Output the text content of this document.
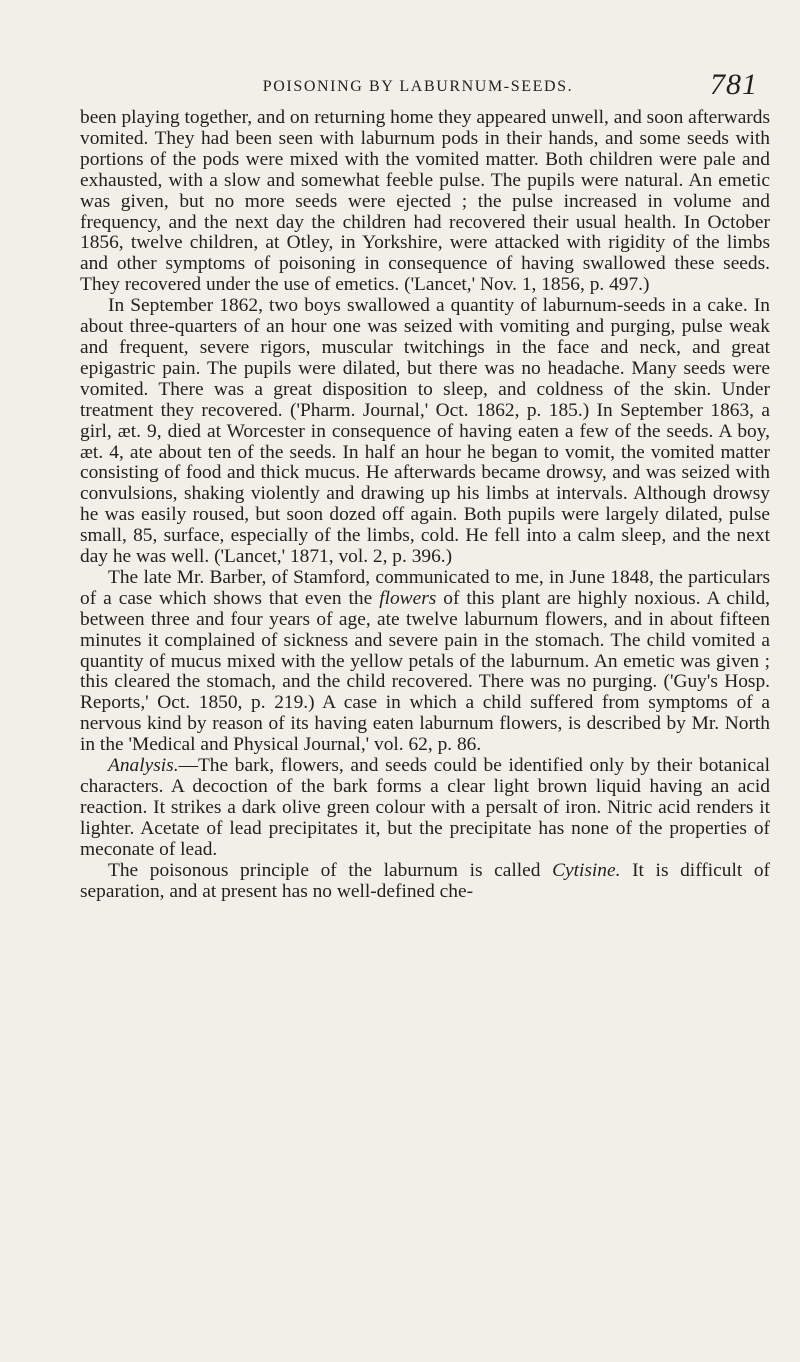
POISONING BY LABURNUM-SEEDS.	781

been playing together, and on returning home they appeared unwell, and soon afterwards vomited. They had been seen with laburnum pods in their hands, and some seeds with portions of the pods were mixed with the vomited matter. Both children were pale and exhausted, with a slow and somewhat feeble pulse. The pupils were natural. An emetic was given, but no more seeds were ejected ; the pulse increased in volume and frequency, and the next day the children had recovered their usual health. In October 1856, twelve children, at Otley, in Yorkshire, were attacked with rigidity of the limbs and other symptoms of poisoning in consequence of having swallowed these seeds. They recovered under the use of emetics. ('Lancet,' Nov. 1, 1856, p. 497.)

In September 1862, two boys swallowed a quantity of laburnum-seeds in a cake. In about three-quarters of an hour one was seized with vomiting and purging, pulse weak and frequent, severe rigors, muscular twitchings in the face and neck, and great epigastric pain. The pupils were dilated, but there was no headache. Many seeds were vomited. There was a great disposition to sleep, and coldness of the skin. Under treatment they recovered. ('Pharm. Journal,' Oct. 1862, p. 185.) In September 1863, a girl, æt. 9, died at Worcester in consequence of having eaten a few of the seeds. A boy, æt. 4, ate about ten of the seeds. In half an hour he began to vomit, the vomited matter consisting of food and thick mucus. He afterwards became drowsy, and was seized with convulsions, shaking violently and drawing up his limbs at intervals. Although drowsy he was easily roused, but soon dozed off again. Both pupils were largely dilated, pulse small, 85, surface, especially of the limbs, cold. He fell into a calm sleep, and the next day he was well. ('Lancet,' 1871, vol. 2, p. 396.)

The late Mr. Barber, of Stamford, communicated to me, in June 1848, the particulars of a case which shows that even the flowers of this plant are highly noxious. A child, between three and four years of age, ate twelve laburnum flowers, and in about fifteen minutes it complained of sickness and severe pain in the stomach. The child vomited a quantity of mucus mixed with the yellow petals of the laburnum. An emetic was given ; this cleared the stomach, and the child recovered. There was no purging. ('Guy's Hosp. Reports,' Oct. 1850, p. 219.) A case in which a child suffered from symptoms of a nervous kind by reason of its having eaten laburnum flowers, is described by Mr. North in the 'Medical and Physical Journal,' vol. 62, p. 86.

Analysis.—The bark, flowers, and seeds could be identified only by their botanical characters. A decoction of the bark forms a clear light brown liquid having an acid reaction. It strikes a dark olive green colour with a persalt of iron. Nitric acid renders it lighter. Acetate of lead precipitates it, but the precipitate has none of the properties of meconate of lead.

The poisonous principle of the laburnum is called Cytisine. It is difficult of separation, and at present has no well-defined che-
